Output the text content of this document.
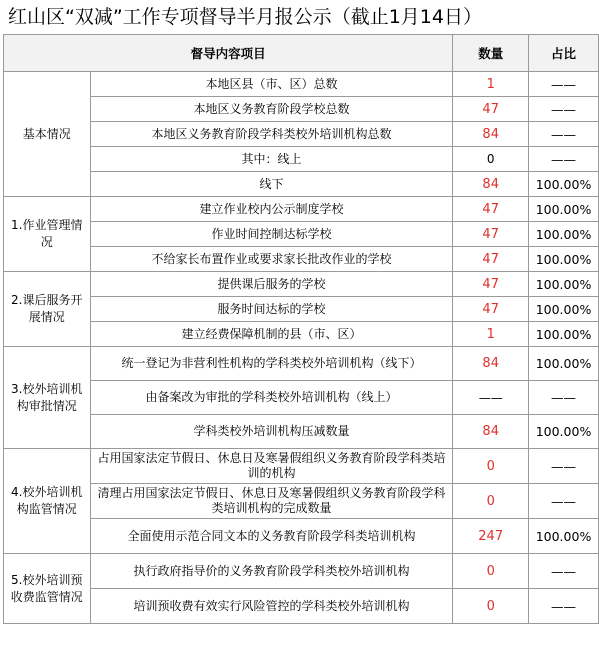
红山区“双减”工作专项督导半月报公示（截止1月14日）
督导内容项目		数量	占比
基本情况	本地区县（市、区）总数	1	——
	本地区义务教育阶段学校总数	47	——
	本地区义务教育阶段学科类校外培训机构总数	84	——
	其中：线上	0	——
	线下	84	100.00%
1.作业管理情况	建立作业校内公示制度学校	47	100.00%
	作业时间控制达标学校	47	100.00%
	不给家长布置作业或要求家长批改作业的学校	47	100.00%
2.课后服务开展情况	提供课后服务的学校	47	100.00%
	服务时间达标的学校	47	100.00%
	建立经费保障机制的县（市、区）	1	100.00%
3.校外培训机构审批情况	统一登记为非营利性机构的学科类校外培训机构（线下）	84	100.00%
	由备案改为审批的学科类校外培训机构（线上）	——	——
	学科类校外培训机构压减数量	84	100.00%
4.校外培训机构监管情况	占用国家法定节假日、休息日及寒暑假组织义务教育阶段学科类培训的机构	0	——
	清理占用国家法定节假日、休息日及寒暑假组织义务教育阶段学科类培训机构的完成数量	0	——
	全面使用示范合同文本的义务教育阶段学科类培训机构	247	100.00%
5.校外培训预收费监管情况	执行政府指导价的义务教育阶段学科类校外培训机构	0	——
	培训预收费有效实行风险管控的学科类校外培训机构	0	——
